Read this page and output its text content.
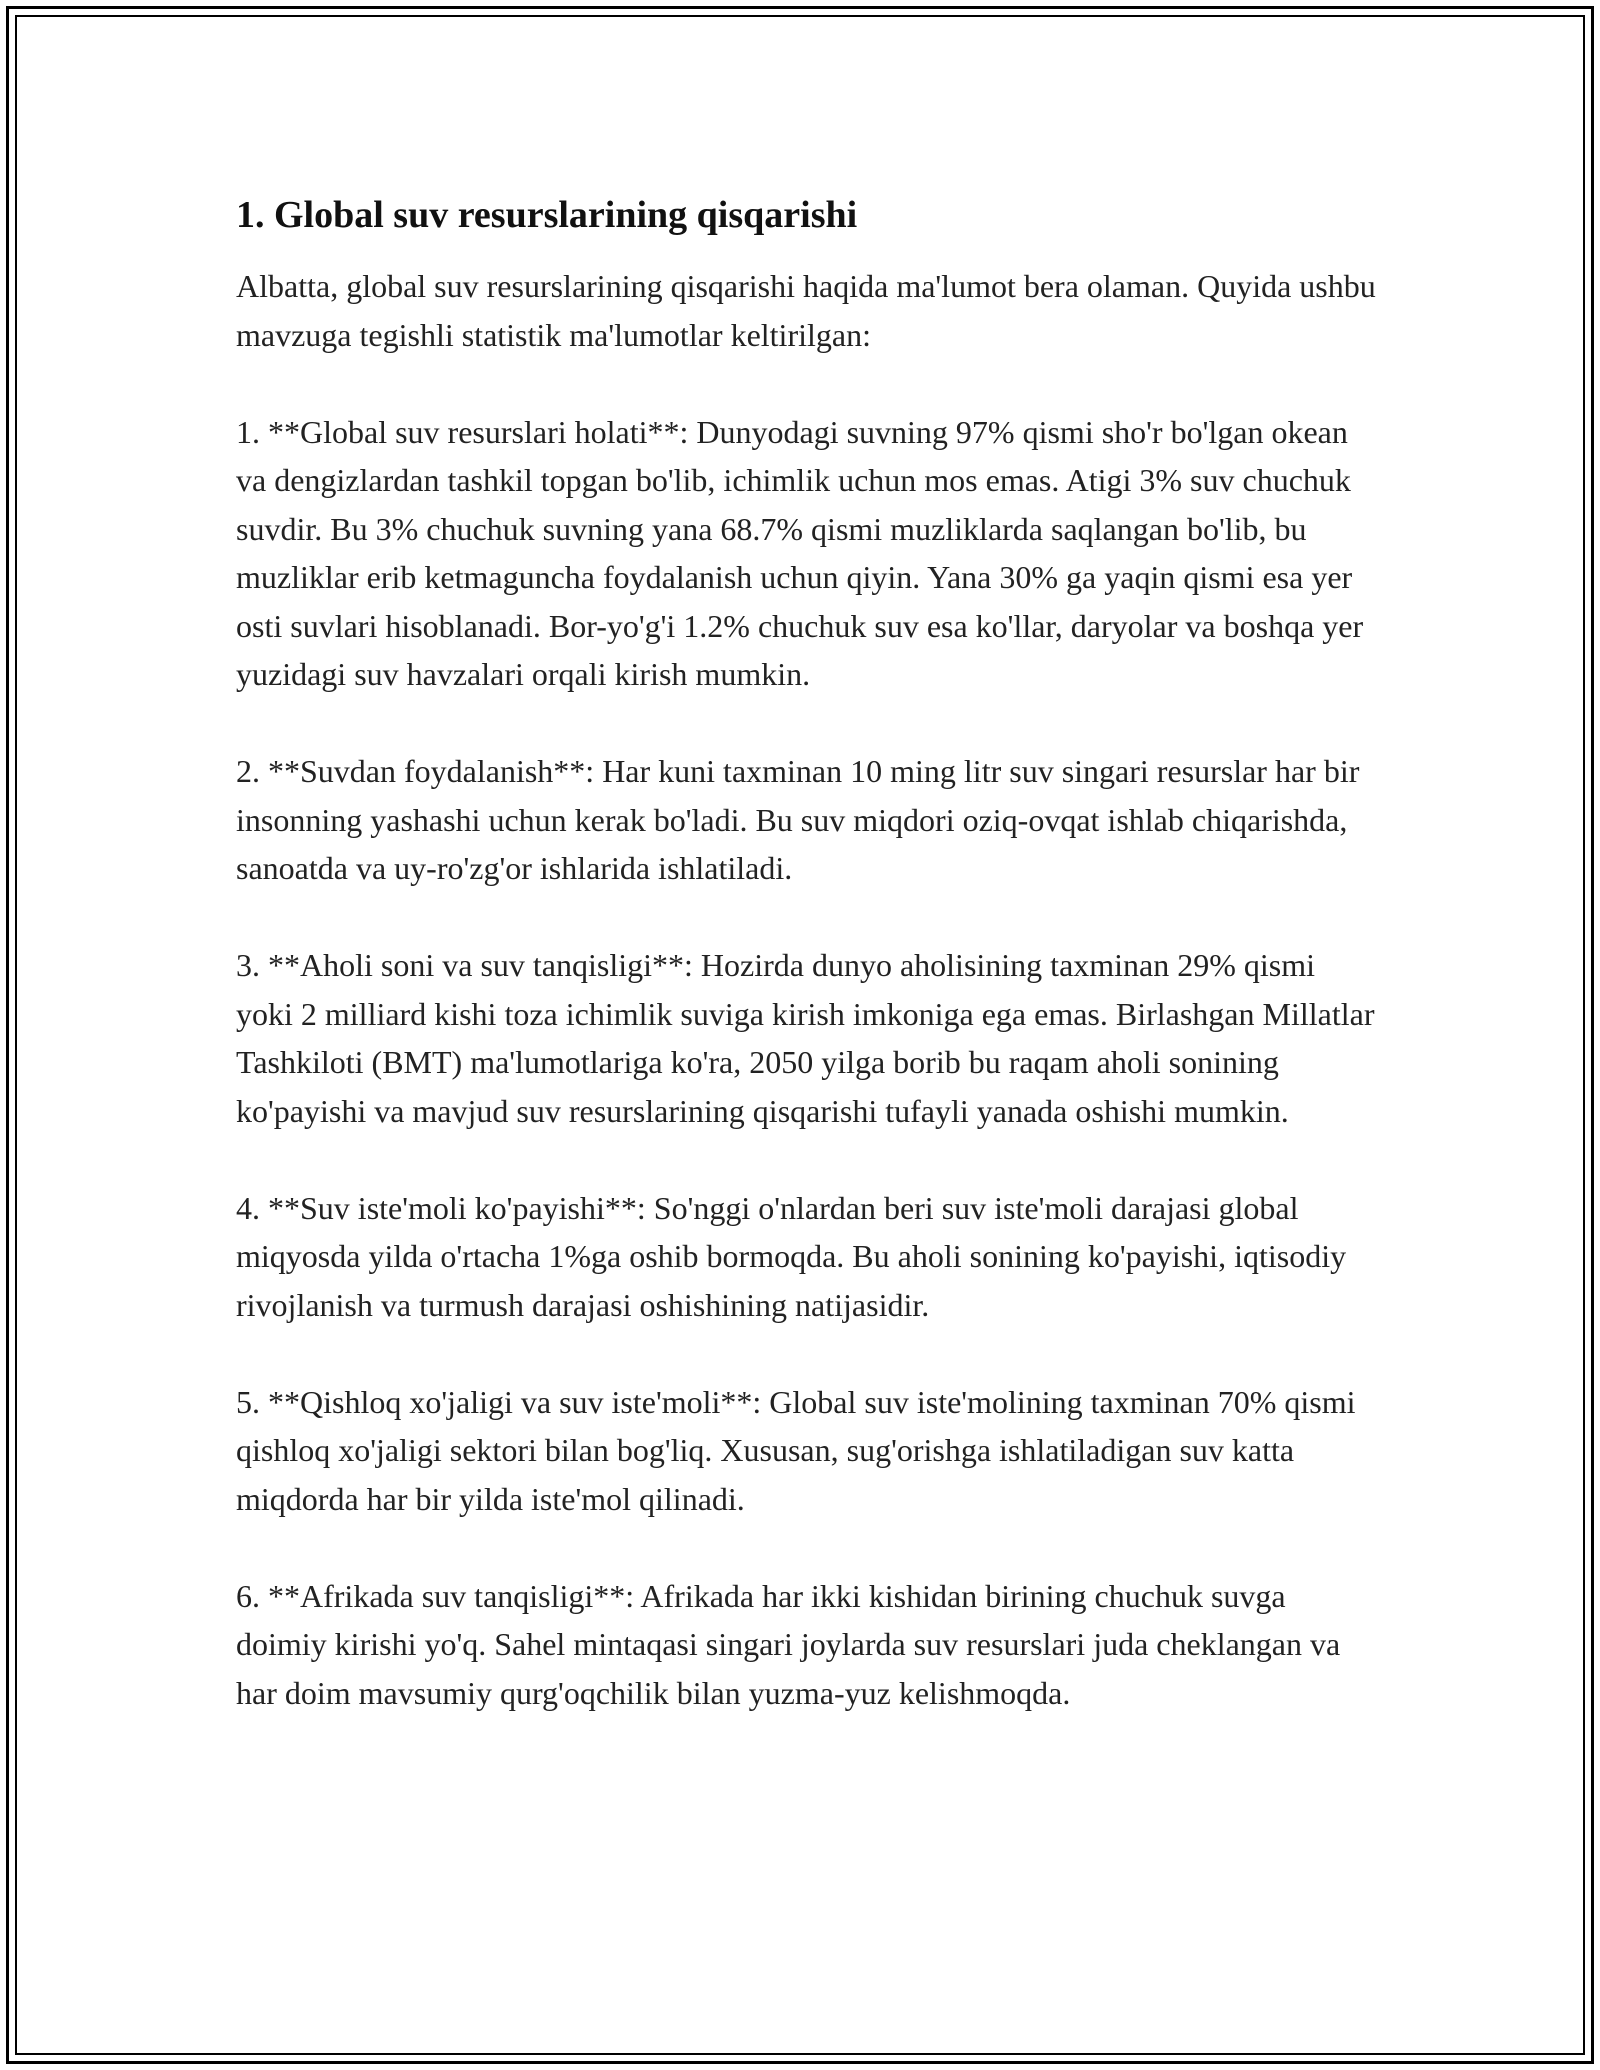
1. Global suv resurslarining qisqarishi

Albatta, global suv resurslarining qisqarishi haqida ma'lumot bera olaman. Quyida ushbu mavzuga tegishli statistik ma'lumotlar keltirilgan:

1. **Global suv resurslari holati**: Dunyodagi suvning 97% qismi sho'r bo'lgan okean va dengizlardan tashkil topgan bo'lib, ichimlik uchun mos emas. Atigi 3% suv chuchuk suvdir. Bu 3% chuchuk suvning yana 68.7% qismi muzliklarda saqlangan bo'lib, bu muzliklar erib ketmaguncha foydalanish uchun qiyin. Yana 30% ga yaqin qismi esa yer osti suvlari hisoblanadi. Bor-yo'g'i 1.2% chuchuk suv esa ko'llar, daryolar va boshqa yer yuzidagi suv havzalari orqali kirish mumkin.

2. **Suvdan foydalanish**: Har kuni taxminan 10 ming litr suv singari resurslar har bir insonning yashashi uchun kerak bo'ladi. Bu suv miqdori oziq-ovqat ishlab chiqarishda, sanoatda va uy-ro'zg'or ishlarida ishlatiladi.

3. **Aholi soni va suv tanqisligi**: Hozirda dunyo aholisining taxminan 29% qismi yoki 2 milliard kishi toza ichimlik suviga kirish imkoniga ega emas. Birlashgan Millatlar Tashkiloti (BMT) ma'lumotlariga ko'ra, 2050 yilga borib bu raqam aholi sonining ko'payishi va mavjud suv resurslarining qisqarishi tufayli yanada oshishi mumkin.

4. **Suv iste'moli ko'payishi**: So'nggi o'nlardan beri suv iste'moli darajasi global miqyosda yilda o'rtacha 1%ga oshib bormoqda. Bu aholi sonining ko'payishi, iqtisodiy rivojlanish va turmush darajasi oshishining natijasidir.

5. **Qishloq xo'jaligi va suv iste'moli**: Global suv iste'molining taxminan 70% qismi qishloq xo'jaligi sektori bilan bog'liq. Xususan, sug'orishga ishlatiladigan suv katta miqdorda har bir yilda iste'mol qilinadi.

6. **Afrikada suv tanqisligi**: Afrikada har ikki kishidan birining chuchuk suvga doimiy kirishi yo'q. Sahel mintaqasi singari joylarda suv resurslari juda cheklangan va har doim mavsumiy qurg'oqchilik bilan yuzma-yuz kelishmoqda.
